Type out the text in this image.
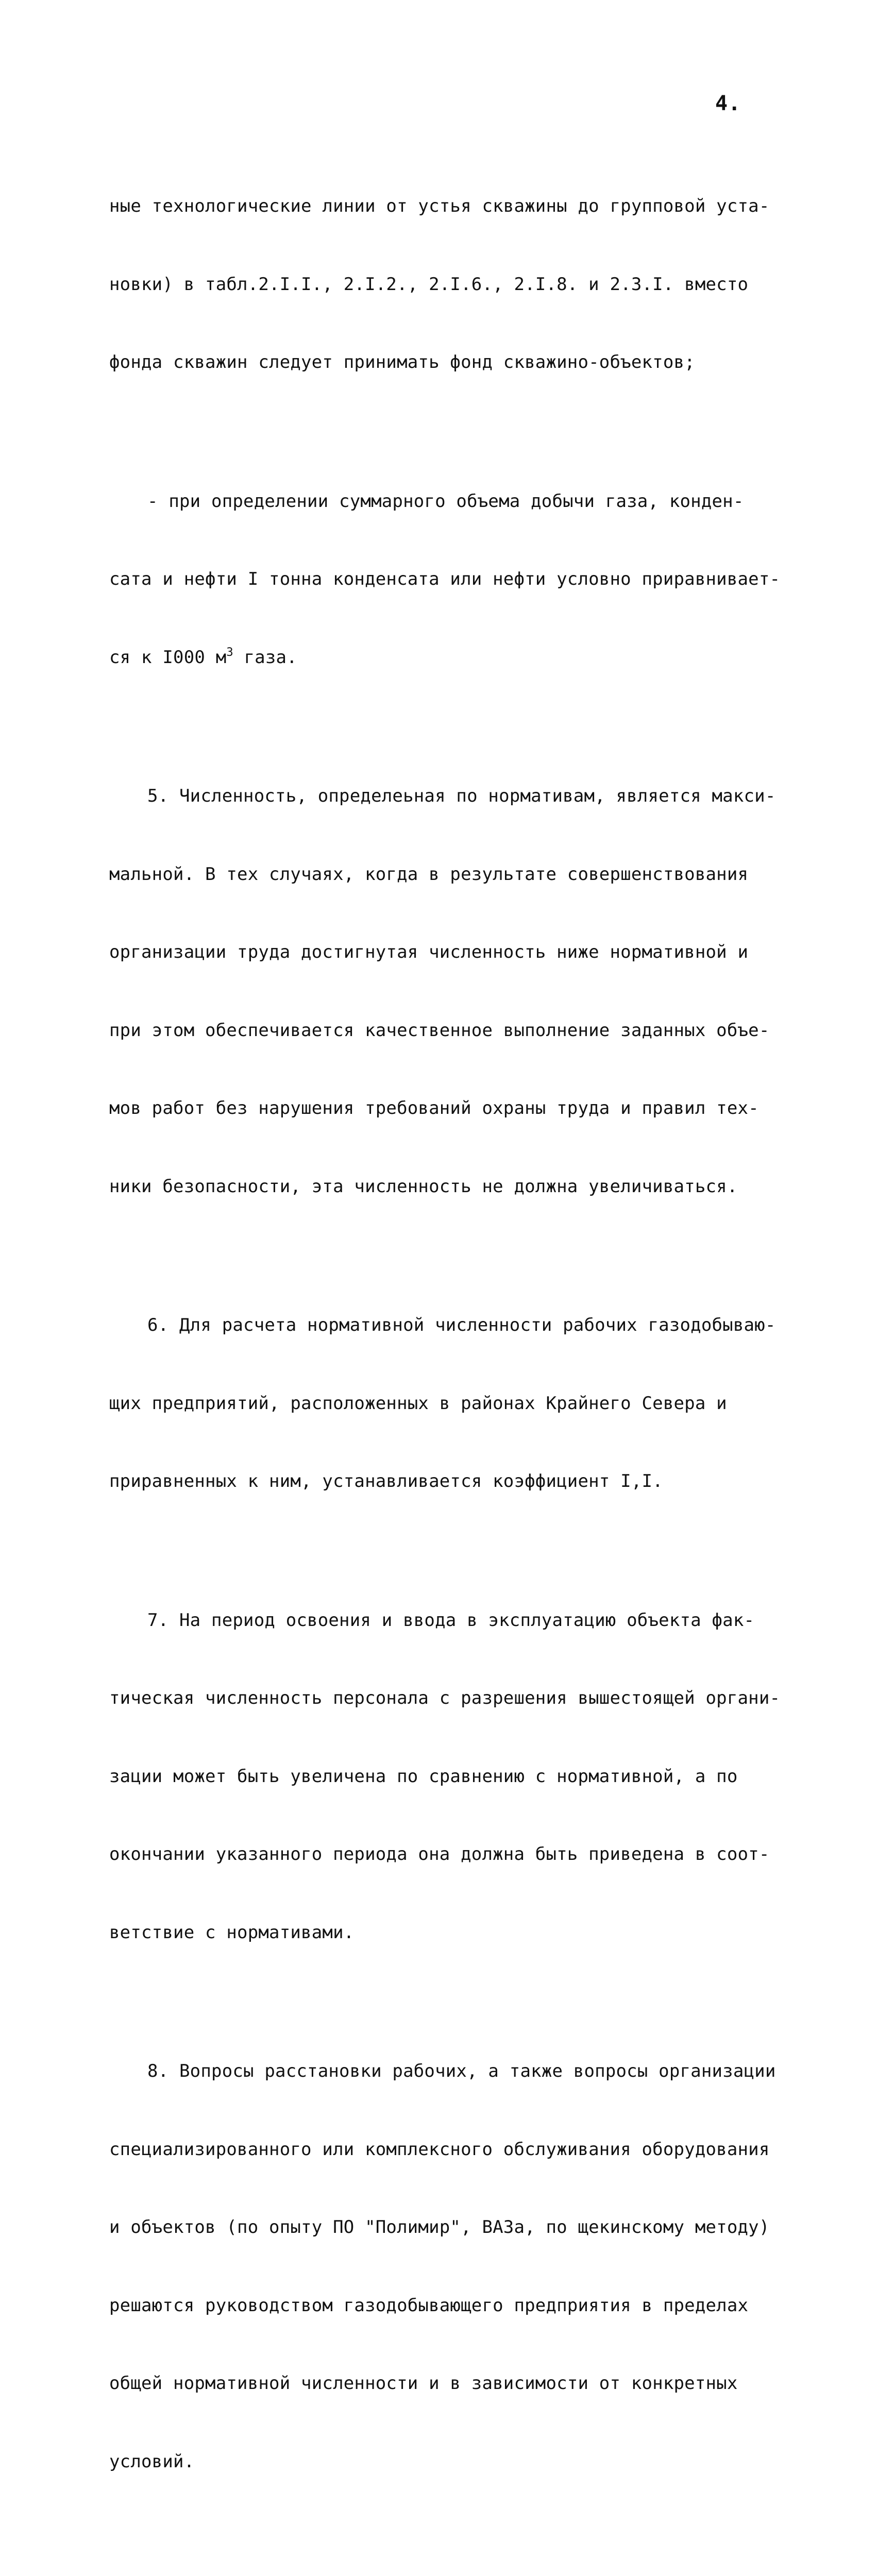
4.

ные технологические линии от устья скважины до групповой уста-

новки) в табл.2.I.I., 2.I.2., 2.I.6., 2.I.8. и 2.3.I. вместо

фонда скважин следует принимать фонд скважино-объектов;

- при определении суммарного объема добычи газа, конден-

сата и нефти I тонна конденсата или нефти условно приравнивает-

ся к I000 $м^3$ газа.

5. Численность, определеьная по нормативам, является макси-

мальной. В тех случаях, когда в результате совершенствования

организации труда достигнутая численность ниже нормативной и

при этом обеспечивается качественное выполнение заданных объе-

мов работ без нарушения требований охраны труда и правил тех-

ники безопасности, эта численность не должна увеличиваться.

6. Для расчета нормативной численности рабочих газодобываю-

щих предприятий, расположенных в районах Крайнего Севера и

приравненных к ним, устанавливается коэффициент I,I.

7. На период освоения и ввода в эксплуатацию объекта фак-

тическая численность персонала с разрешения вышестоящей органи-

зации может быть увеличена по сравнению с нормативной, а по

окончании указанного периода она должна быть приведена в соот-

ветствие с нормативами.

8. Вопросы расстановки рабочих, а также вопросы организации

специализированного или комплексного обслуживания оборудования

и объектов (по опыту ПО "Полимир", ВАЗа, по щекинскому методу)

решаются руководством газодобывающего предприятия в пределах

общей нормативной численности и в зависимости от конкретных

условий.
